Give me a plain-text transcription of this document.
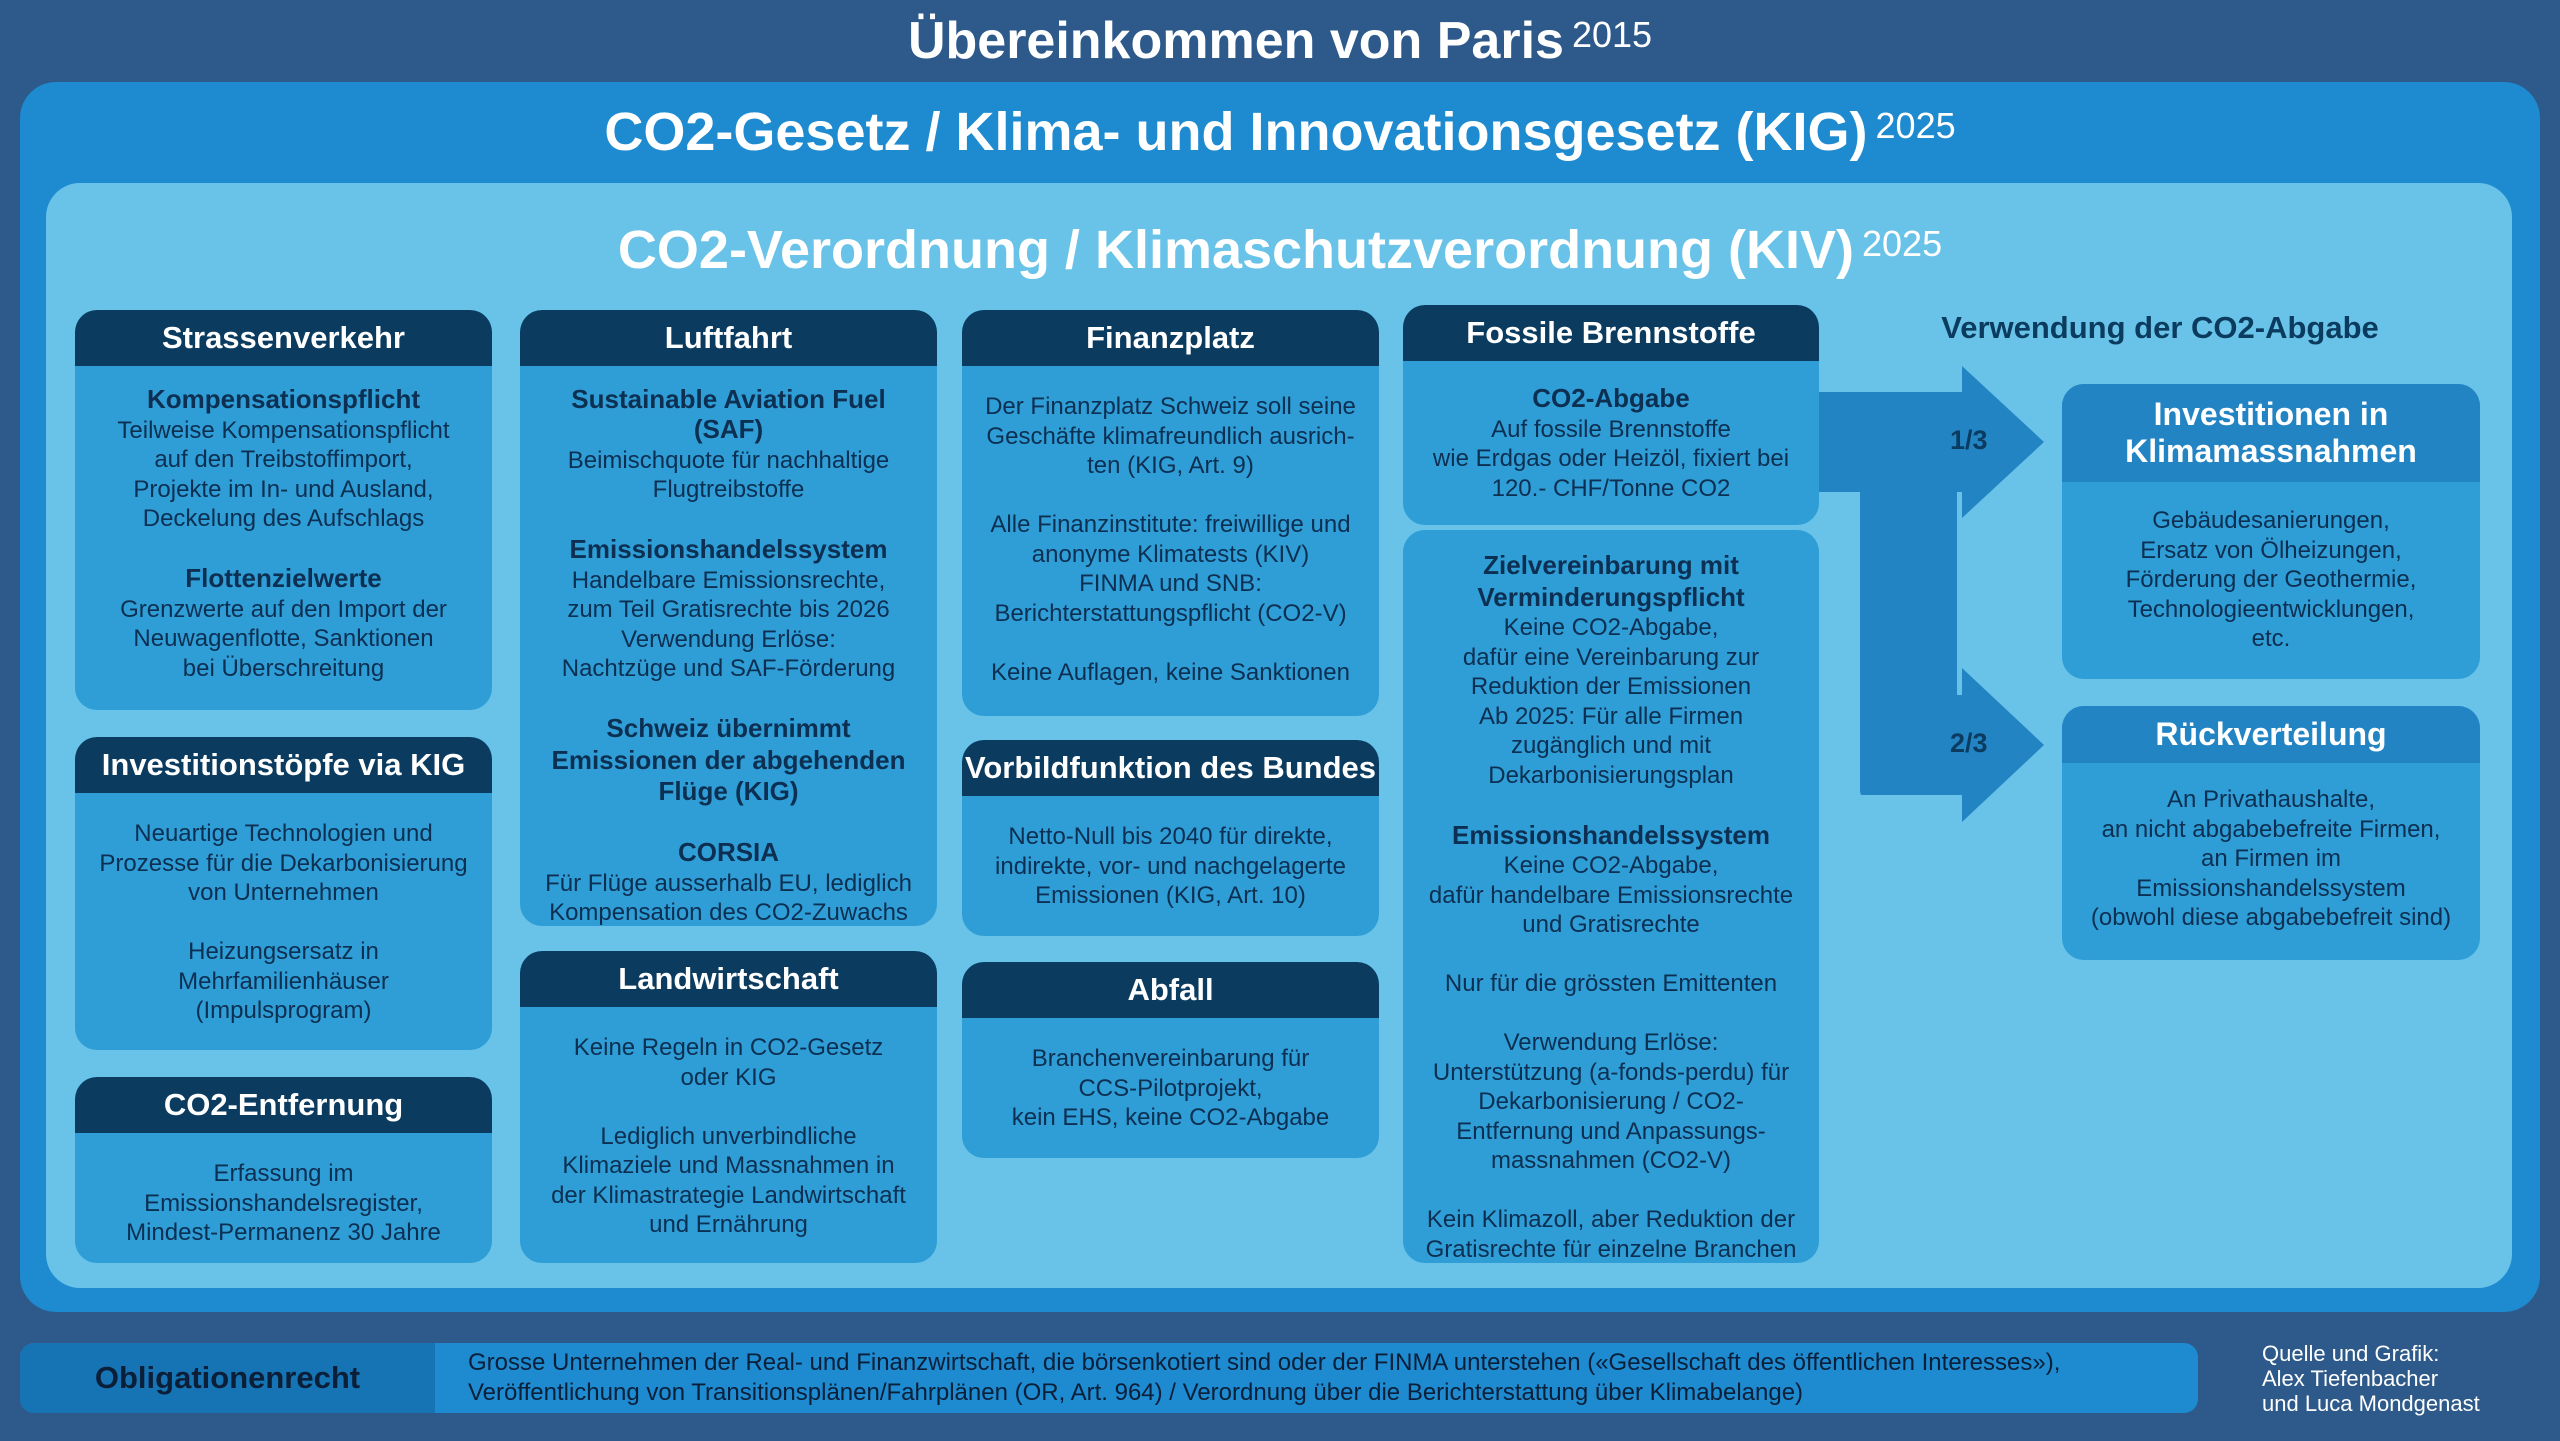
Übereinkommen von Paris $^{2015}$
CO2-Gesetz / Klima- und Innovationsgesetz (KIG) $^{2025}$
CO2-Verordnung / Klimaschutzverordnung (KIV) $^{2025}$
Strassenverkehr
Kompensationspflicht
Teilweise Kompensationspflicht
auf den Treibstoffimport,
Projekte im In- und Ausland,
Deckelung des Aufschlags
Flottenzielwerte
Grenzwerte auf den Import der
Neuwagenflotte, Sanktionen
bei Überschreitung
Investitionstöpfe via KIG
Neuartige Technologien und
Prozesse für die Dekarbonisierung
von Unternehmen
Heizungsersatz in
Mehrfamilienhäuser
(Impulsprogram)
CO2-Entfernung
Erfassung im
Emissionshandelsregister,
Mindest-Permanenz 30 Jahre
Luftfahrt
Sustainable Aviation Fuel (SAF)
Beimischquote für nachhaltige
Flugtreibstoffe
Emissionshandelssystem
Handelbare Emissionsrechte,
zum Teil Gratisrechte bis 2026
Verwendung Erlöse:
Nachtzüge und SAF-Förderung
Schweiz übernimmt
Emissionen der abgehenden
Flüge (KIG)
CORSIA
Für Flüge ausserhalb EU, lediglich
Kompensation des CO2-Zuwachs
Landwirtschaft
Keine Regeln in CO2-Gesetz
oder KIG
Lediglich unverbindliche
Klimaziele und Massnahmen in
der Klimastrategie Landwirtschaft
und Ernährung
Finanzplatz
Der Finanzplatz Schweiz soll seine
Geschäfte klimafreundlich ausrich-
ten (KIG, Art. 9)
Alle Finanzinstitute: freiwillige und
anonyme Klimatests (KIV)
FINMA und SNB:
Berichterstattungspflicht (CO2-V)
Keine Auflagen, keine Sanktionen
Vorbildfunktion des Bundes
Netto-Null bis 2040 für direkte,
indirekte, vor- und nachgelagerte
Emissionen (KIG, Art. 10)
Abfall
Branchenvereinbarung für
CCS-Pilotprojekt,
kein EHS, keine CO2-Abgabe
1/3
2/3
Fossile Brennstoffe
CO2-Abgabe
Auf fossile Brennstoffe
wie Erdgas oder Heizöl, fixiert bei
120.- CHF/Tonne CO2
Zielvereinbarung mit
Verminderungspflicht
Keine CO2-Abgabe,
dafür eine Vereinbarung zur
Reduktion der Emissionen
Ab 2025: Für alle Firmen
zugänglich und mit
Dekarbonisierungsplan
Emissionshandelssystem
Keine CO2-Abgabe,
dafür handelbare Emissionsrechte
und Gratisrechte
Nur für die grössten Emittenten
Verwendung Erlöse:
Unterstützung (a-fonds-perdu) für
Dekarbonisierung / CO2-
Entfernung und Anpassungs-
massnahmen (CO2-V)
Kein Klimazoll, aber Reduktion der
Gratisrechte für einzelne Branchen
Verwendung der CO2-Abgabe
Investitionen in
Klimamassnahmen
Gebäudesanierungen,
Ersatz von Ölheizungen,
Förderung der Geothermie,
Technologieentwicklungen,
etc.
Rückverteilung
An Privathaushalte,
an nicht abgabebefreite Firmen,
an Firmen im
Emissionshandelssystem
(obwohl diese abgabebefreit sind)
Obligationenrecht	Grosse Unternehmen der Real- und Finanzwirtschaft, die börsenkotiert sind oder der FINMA unterstehen («Gesellschaft des öffentlichen Interesses»),
Veröffentlichung von Transitionsplänen/Fahrplänen (OR, Art. 964) / Verordnung über die Berichterstattung über Klimabelange)
Quelle und Grafik:
Alex Tiefenbacher
und Luca Mondgenast
